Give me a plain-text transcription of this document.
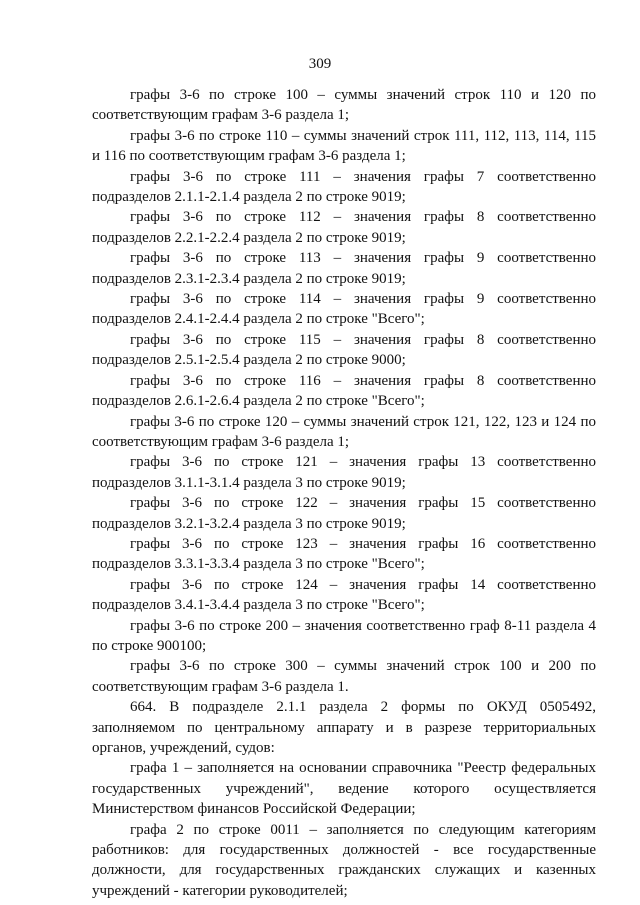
309

графы 3-6 по строке 100 – суммы значений строк 110 и 120 по соответствующим графам 3-6 раздела 1;

графы 3-6 по строке 110 – суммы значений строк 111, 112, 113, 114, 115 и 116 по соответствующим графам 3-6 раздела 1;

графы 3-6 по строке 111 – значения графы 7 соответственно подразделов 2.1.1-2.1.4 раздела 2 по строке 9019;

графы 3-6 по строке 112 – значения графы 8 соответственно подразделов 2.2.1-2.2.4 раздела 2 по строке 9019;

графы 3-6 по строке 113 – значения графы 9 соответственно подразделов 2.3.1-2.3.4 раздела 2 по строке 9019;

графы 3-6 по строке 114 – значения графы 9 соответственно подразделов 2.4.1-2.4.4 раздела 2 по строке "Всего";

графы 3-6 по строке 115 – значения графы 8 соответственно подразделов 2.5.1-2.5.4 раздела 2 по строке 9000;

графы 3-6 по строке 116 – значения графы 8 соответственно подразделов 2.6.1-2.6.4 раздела 2 по строке "Всего";

графы 3-6 по строке 120 – суммы значений строк 121, 122, 123 и 124 по соответствующим графам 3-6 раздела 1;

графы 3-6 по строке 121 – значения графы 13 соответственно подразделов 3.1.1-3.1.4 раздела 3 по строке 9019;

графы 3-6 по строке 122 – значения графы 15 соответственно подразделов 3.2.1-3.2.4 раздела 3 по строке 9019;

графы 3-6 по строке 123 – значения графы 16 соответственно подразделов 3.3.1-3.3.4 раздела 3 по строке "Всего";

графы 3-6 по строке 124 – значения графы 14 соответственно подразделов 3.4.1-3.4.4 раздела 3 по строке "Всего";

графы 3-6 по строке 200 – значения соответственно граф 8-11 раздела 4 по строке 900100;

графы 3-6 по строке 300 – суммы значений строк 100 и 200 по соответствующим графам 3-6 раздела 1.

664. В подразделе 2.1.1 раздела 2 формы по ОКУД 0505492, заполняемом по центральному аппарату и в разрезе территориальных органов, учреждений, судов:

графа 1 – заполняется на основании справочника "Реестр федеральных государственных учреждений", ведение которого осуществляется Министерством финансов Российской Федерации;

графа 2 по строке 0011 – заполняется по следующим категориям работников: для государственных должностей - все государственные должности, для государственных гражданских служащих и казенных учреждений - категории руководителей;
